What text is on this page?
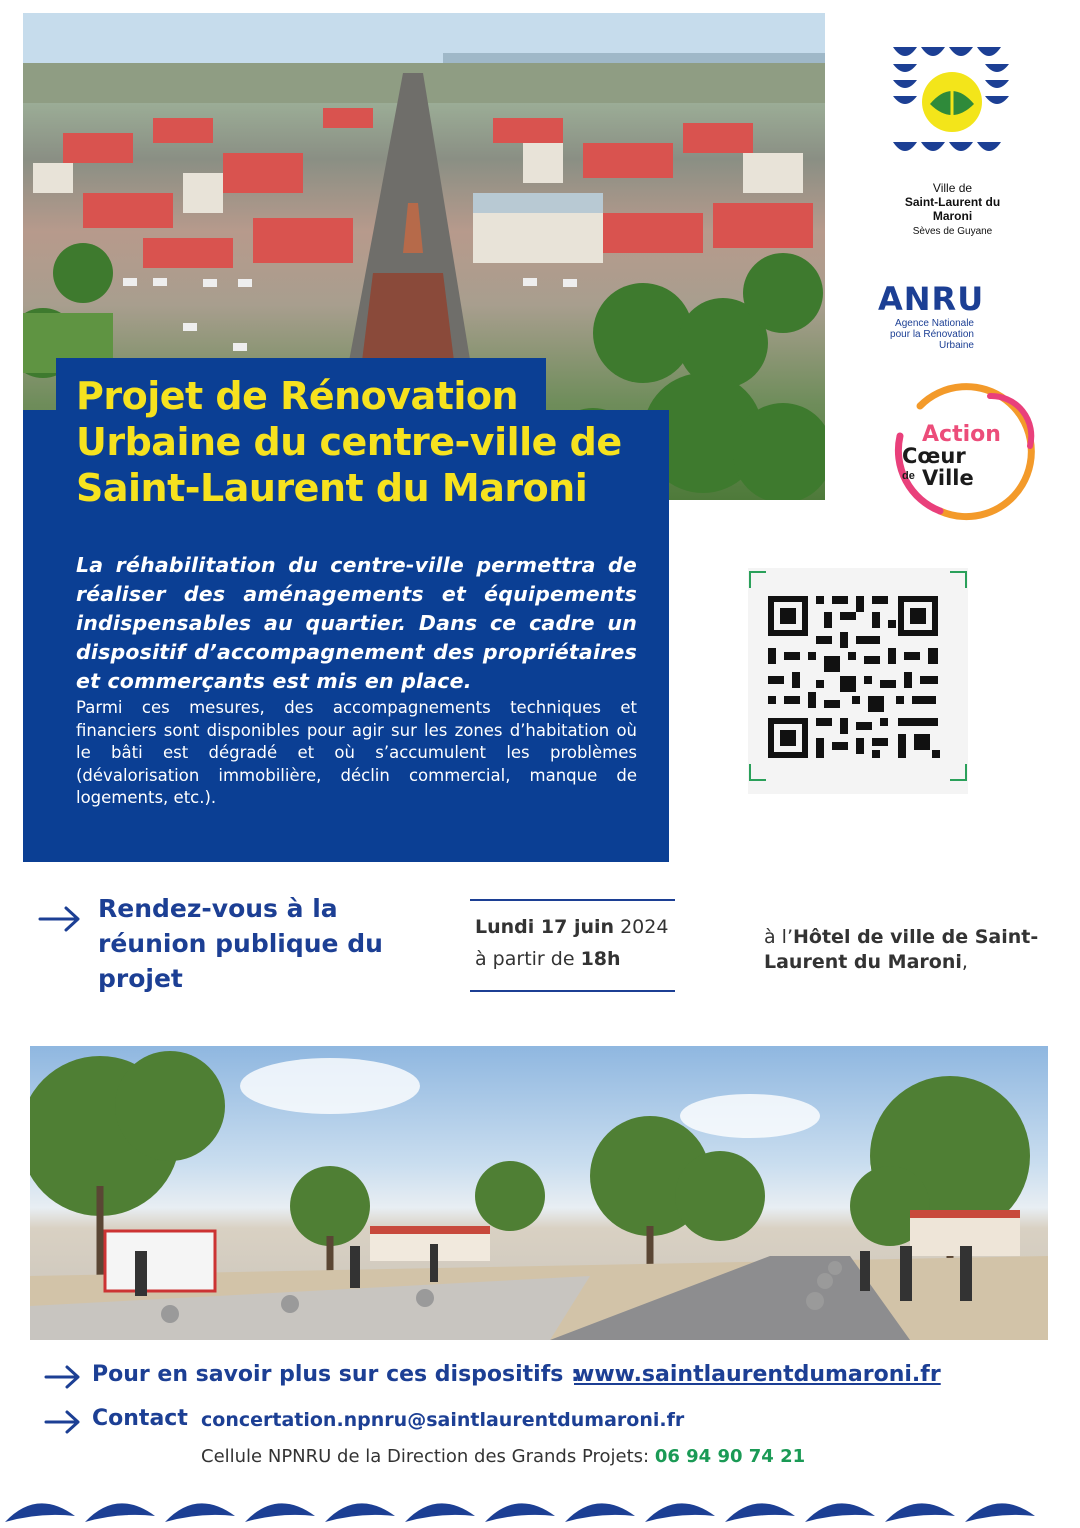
Projet de Rénovation Urbaine du centre-ville de Saint-Laurent du Maroni
La réhabilitation du centre-ville permettra de réaliser des aménagements et équipements indispensables au quartier. Dans ce cadre un dispositif d’accompagnement des propriétaires et commerçants est mis en place.
Parmi ces mesures, des accompagnements techniques et financiers sont disponibles pour agir sur les zones d’habitation où le bâti est dégradé et où s’accumulent les problèmes (dévalorisation immobilière, déclin commercial, manque de logements, etc.).
Ville de
Saint-Laurent du Maroni
Sèves de Guyane
ANRU
Agence Nationale
pour la Rénovation
Urbaine
Action
Cœur
de Ville
Rendez-vous à la réunion publique du projet
Lundi 17 juin 2024
à partir de 18h
à l’Hôtel de ville de Saint-Laurent du Maroni,
Pour en savoir plus sur ces dispositifs :
www.saintlaurentdumaroni.fr
Contact concertation.npnru@saintlaurentdumaroni.fr
Cellule NPNRU de la Direction des Grands Projets: 06 94 90 74 21
